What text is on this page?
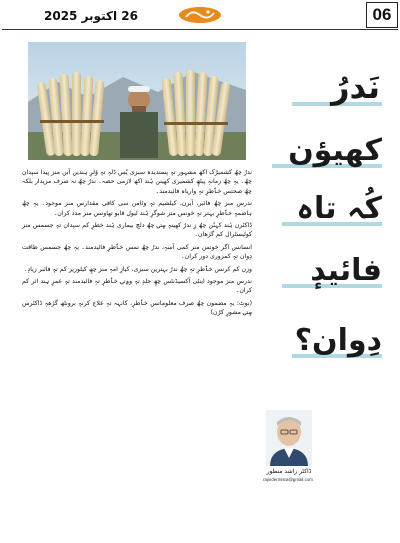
06
26 اکتوبر 2025

ندرُ چھُ کشمیرُک اکھ مشہور تہٕ پسندیدہ سبزی یُس ڈلہِ تہٕ وُلرِ ہندین آبن منز پیدا سپدان چھُ۔ یہِ چھُ زمانہِ پیٹھٕ کشمیری کھینن ہُند اکھ لازمی حصہ۔ ندرُ چھُ نہ صرف مزیدار بلکہ چھُ صحتس خٲطرٕ تہِ واریاہ فائیدمند۔

ندرس منز چھُ فائبر، آیرن، کیلشیم تہٕ وٹامن سی کافی مقدارس منز موجود۔ یہِ چھُ ہاضمہٕ خٲطرٕ بہتر تہٕ خونس منز شوگرٕ ہُند لیول قابو تھاونس منز مدد کران۔

ڈاکٹرن ہُند کہنُن چھُ زِ ندرُ کھینہٕ سٟتۍ چھُ دلچ بیماری ہُند خطرٕ کم سپدان تہٕ جسمس منز کولیسٹرال کم گژھان۔

انسانس اگر خونس منز کمی آسہِ، ندرُ چھُ تمس خٲطرٕ فائیدمند۔ یہِ چھُ جسمس طاقت دِوان تہٕ کمزوری دور کران۔

وزن کم کرنس خٲطرٕ تہِ چھُ ندرُ بہترین سبزی، کیازِ امہِ منز چھِ کیلوریز کم تہٕ فائبر زیادٕ۔

ندرس منز موجود اینٹی آکسیڈنٹس چھِ جلدٕ تہٕ وۄنۍ خٲطرٕ تہِ فائیدمند تہٕ عمرٕ ہِند اثر کم کران۔

(نوٹ: یہِ مضمون چھُ صرف معلوماتس خٲطرٕ، کانہہ تہِ علاج کرنہٕ برونٹھ گژھہِ ڈاکٹرس سٟتۍ مشورٕ کرُن)

نَدرُ
کھیؤن
کُہ تاہ
فائیدٕ
دِوان؟
ڈاکٹر راشد منظور
rajindermisra@gmail.com
